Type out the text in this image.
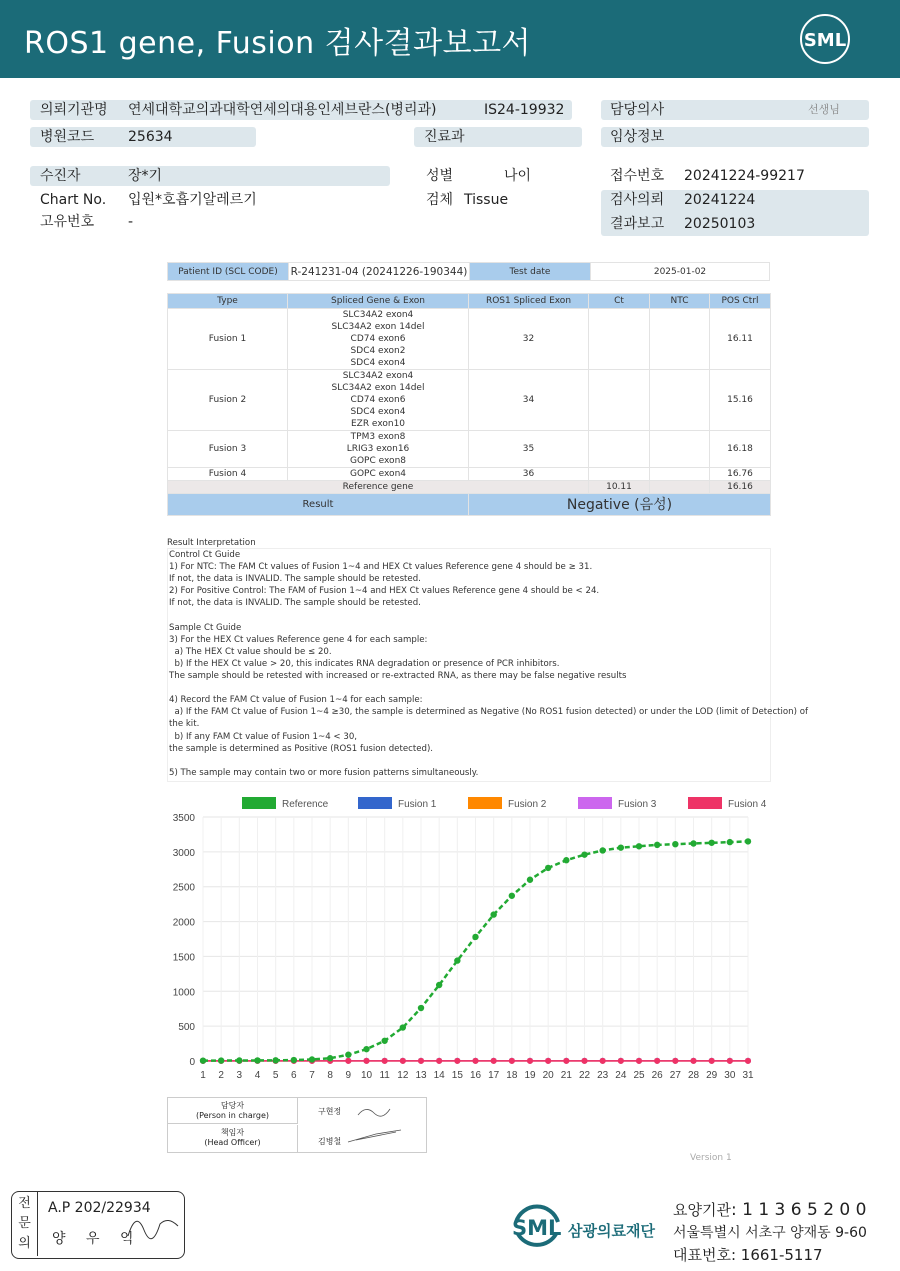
ROS1 gene, Fusion 검사결과보고서	SML
의뢰기관명 연세대학교의과대학연세의대용인세브란스(병리과)	IS24-19932	담당의사	선생님
병원코드 25634	진료과	임상정보
수진자	장*기	성별	나이	접수번호 20241224-99217
Chart No. 입원*호흡기알레르기	검체 Tissue	검사의뢰 20241224
고유번호 -	결과보고 20250103
Patient ID (SCL CODE)	R-241231-04 (20241226-190344)	Test date	2025-01-02
Type	Spliced Gene & Exon	ROS1 Spliced Exon	Ct	NTC	POS Ctrl
Fusion 1	SLC34A2 exon4
SLC34A2 exon 14del
CD74 exon6
SDC4 exon2
SDC4 exon4	32			16.11
Fusion 2	SLC34A2 exon4
SLC34A2 exon 14del
CD74 exon6
SDC4 exon4
EZR exon10	34			15.16
Fusion 3	TPM3 exon8
LRIG3 exon16
GOPC exon8	35			16.18
Fusion 4	GOPC exon4	36			16.76
Reference gene			10.11		16.16
Result		Negative (음성)			
Result Interpretation
Control Ct Guide
1) For NTC: The FAM Ct values of Fusion 1~4 and HEX Ct values Reference gene 4 should be ≥ 31.
If not, the data is INVALID. The sample should be retested.
2) For Positive Control: The FAM of Fusion 1~4 and HEX Ct values Reference gene 4 should be < 24.
If not, the data is INVALID. The sample should be retested.
Sample Ct Guide
3) For the HEX Ct values Reference gene 4 for each sample:
a) The HEX Ct value should be ≤ 20.
b) If the HEX Ct value > 20, this indicates RNA degradation or presence of PCR inhibitors.
The sample should be retested with increased or re-extracted RNA, as there may be false negative results
4) Record the FAM Ct value of Fusion 1~4 for each sample:
a) If the FAM Ct value of Fusion 1~4 ≥30, the sample is determined as Negative (No ROS1 fusion detected) or under the LOD (limit of Detection) of
the kit.
b) If any FAM Ct value of Fusion 1~4 < 30,
the sample is determined as Positive (ROS1 fusion detected).
5) The sample may contain two or more fusion patterns simultaneously.
0
500
1000
1500
2000
2500
3000
3500
1 2 3 4 5 6 7 8 9 10 11 12 13 14 15 16 17 18 19 20 21 22 23 24 25 26 27 28 29 30 31
Reference	Fusion 1	Fusion 2	Fusion 3	Fusion 4
담당자
(Person in charge)	구현정
책임자
(Head Officer)	김병철
Version 1
전
문
의
A.P 202/22934
양 우 익	SML 삼광의료재단
요양기관: 1 1 3 6 5 2 0 0
서울특별시 서초구 양재동 9-60
대표번호: 1661-5117
